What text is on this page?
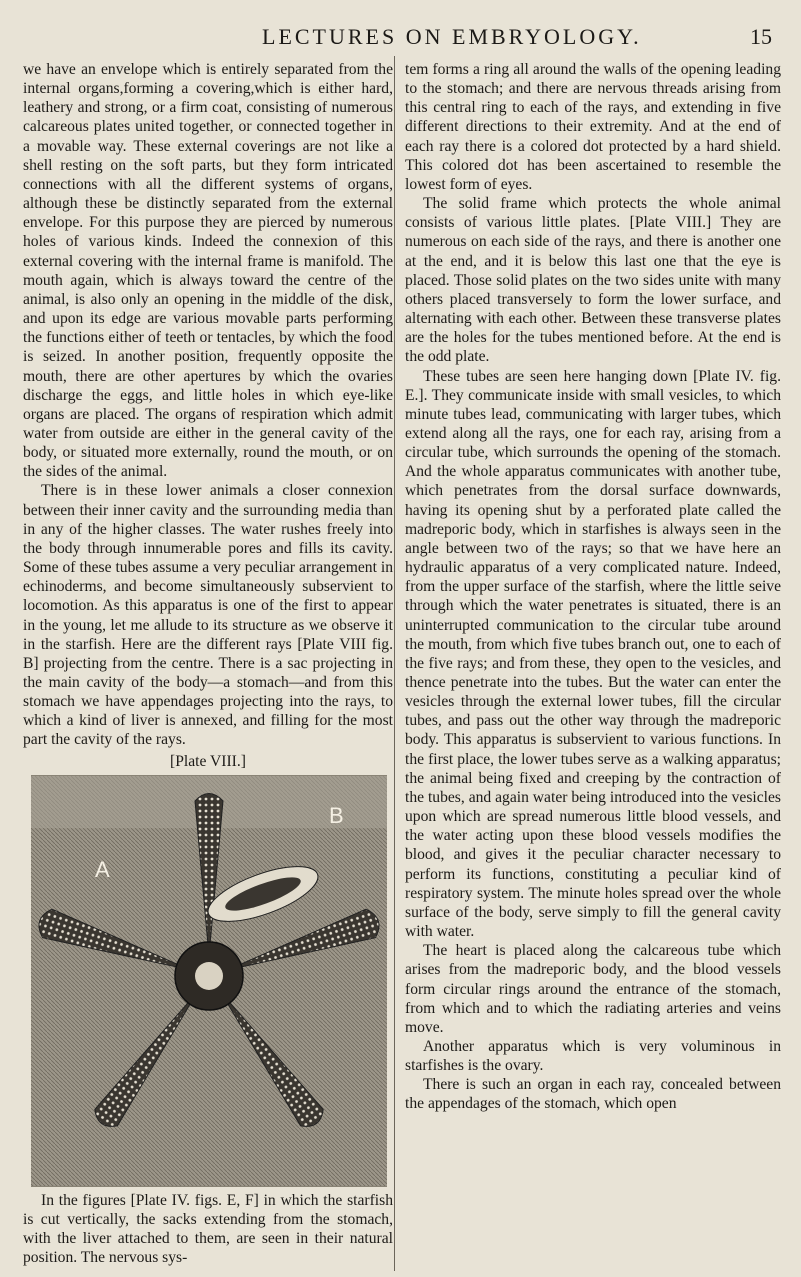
LECTURES ON EMBRYOLOGY.	15

we have an envelope which is entirely separated from the internal organs,forming a covering,which is either hard, leathery and strong, or a firm coat, consisting of numerous calcareous plates united together, or connected together in a movable way. These external coverings are not like a shell resting on the soft parts, but they form intricated connections with all the different systems of organs, although these be distinctly separated from the external envelope. For this purpose they are pierced by numerous holes of various kinds. Indeed the connexion of this external covering with the internal frame is manifold. The mouth again, which is always toward the centre of the animal, is also only an opening in the middle of the disk, and upon its edge are various movable parts performing the functions either of teeth or tentacles, by which the food is seized. In another position, frequently opposite the mouth, there are other apertures by which the ovaries discharge the eggs, and little holes in which eye-like organs are placed. The organs of respiration which admit water from outside are either in the general cavity of the body, or situated more externally, round the mouth, or on the sides of the animal.

There is in these lower animals a closer connexion between their inner cavity and the surrounding media than in any of the higher classes. The water rushes freely into the body through innumerable pores and fills its cavity. Some of these tubes assume a very peculiar arrangement in echinoderms, and become simultaneously subservient to locomotion. As this apparatus is one of the first to appear in the young, let me allude to its structure as we observe it in the starfish. Here are the different rays [Plate VIII fig. B] projecting from the centre. There is a sac projecting in the main cavity of the body—a stomach—and from this stomach we have appendages projecting into the rays, to which a kind of liver is annexed, and filling for the most part the cavity of the rays.

[Plate VIII.]
A
B

In the figures [Plate IV. figs. E, F] in which the starfish is cut vertically, the sacks extending from the stomach, with the liver attached to them, are seen in their natural position. The nervous sys-

tem forms a ring all around the walls of the opening leading to the stomach; and there are nervous threads arising from this central ring to each of the rays, and extending in five different directions to their extremity. And at the end of each ray there is a colored dot protected by a hard shield. This colored dot has been ascertained to resemble the lowest form of eyes.

The solid frame which protects the whole animal consists of various little plates. [Plate VIII.] They are numerous on each side of the rays, and there is another one at the end, and it is below this last one that the eye is placed. Those solid plates on the two sides unite with many others placed transversely to form the lower surface, and alternating with each other. Between these transverse plates are the holes for the tubes mentioned before. At the end is the odd plate.

These tubes are seen here hanging down [Plate IV. fig. E.]. They communicate inside with small vesicles, to which minute tubes lead, communicating with larger tubes, which extend along all the rays, one for each ray, arising from a circular tube, which surrounds the opening of the stomach. And the whole apparatus communicates with another tube, which penetrates from the dorsal surface downwards, having its opening shut by a perforated plate called the madreporic body, which in starfishes is always seen in the angle between two of the rays; so that we have here an hydraulic apparatus of a very complicated nature. Indeed, from the upper surface of the starfish, where the little seive through which the water penetrates is situated, there is an uninterrupted communication to the circular tube around the mouth, from which five tubes branch out, one to each of the five rays; and from these, they open to the vesicles, and thence penetrate into the tubes. But the water can enter the vesicles through the external lower tubes, fill the circular tubes, and pass out the other way through the madreporic body. This apparatus is subservient to various functions. In the first place, the lower tubes serve as a walking apparatus; the animal being fixed and creeping by the contraction of the tubes, and again water being introduced into the vesicles upon which are spread numerous little blood vessels, and the water acting upon these blood vessels modifies the blood, and gives it the peculiar character necessary to perform its functions, constituting a peculiar kind of respiratory system. The minute holes spread over the whole surface of the body, serve simply to fill the general cavity with water.

The heart is placed along the calcareous tube which arises from the madreporic body, and the blood vessels form circular rings around the entrance of the stomach, from which and to which the radiating arteries and veins move.

Another apparatus which is very voluminous in starfishes is the ovary.

There is such an organ in each ray, concealed between the appendages of the stomach, which open
